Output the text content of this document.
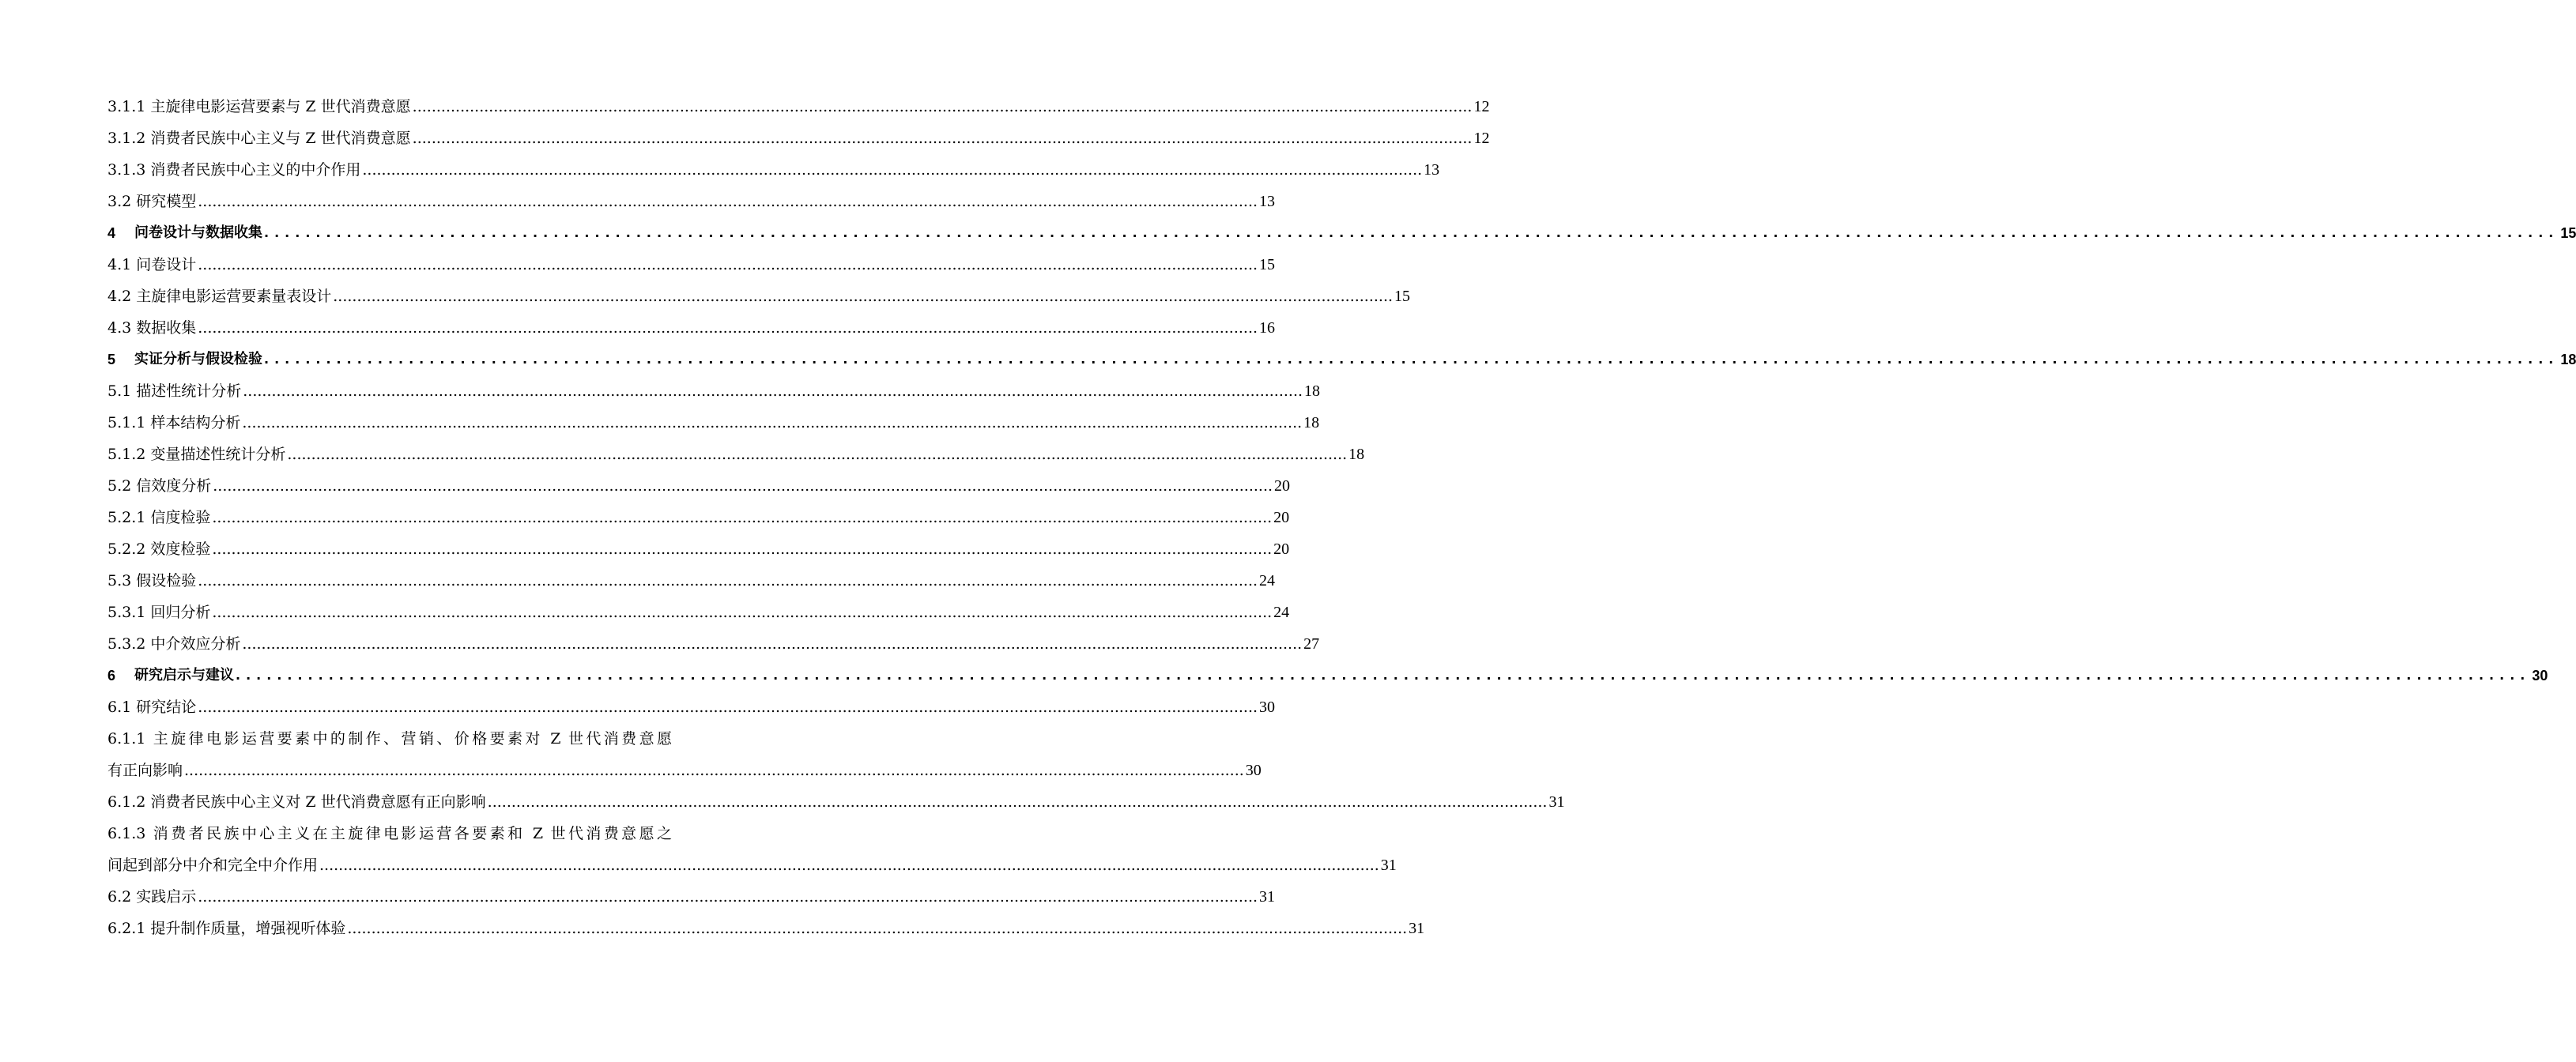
3.1.1 主旋律电影运营要素与 Z 世代消费意愿 .............................................................................................................................................................................................................................. 12
3.1.2 消费者民族中心主义与 Z 世代消费意愿 .............................................................................................................................................................................................................................. 12
3.1.3 消费者民族中心主义的中介作用 .............................................................................................................................................................................................................................. 13
3.2 研究模型 .............................................................................................................................................................................................................................. 13
4	问卷设计与数据收集 .............................................................................................................................................................................................................................. 15
4.1 问卷设计 .............................................................................................................................................................................................................................. 15
4.2 主旋律电影运营要素量表设计 .............................................................................................................................................................................................................................. 15
4.3 数据收集 .............................................................................................................................................................................................................................. 16
5	实证分析与假设检验 .............................................................................................................................................................................................................................. 18
5.1 描述性统计分析 .............................................................................................................................................................................................................................. 18
5.1.1 样本结构分析 .............................................................................................................................................................................................................................. 18
5.1.2 变量描述性统计分析 .............................................................................................................................................................................................................................. 18
5.2 信效度分析 .............................................................................................................................................................................................................................. 20
5.2.1 信度检验 .............................................................................................................................................................................................................................. 20
5.2.2 效度检验 .............................................................................................................................................................................................................................. 20
5.3 假设检验 .............................................................................................................................................................................................................................. 24
5.3.1 回归分析 .............................................................................................................................................................................................................................. 24
5.3.2 中介效应分析 .............................................................................................................................................................................................................................. 27
6	研究启示与建议 .............................................................................................................................................................................................................................. 30
6.1 研究结论 .............................................................................................................................................................................................................................. 30
6.1.1 主旋律电影运营要素中的制作、营销、价格要素对 Z 世代消费意愿
有正向影响 .............................................................................................................................................................................................................................. 30
6.1.2 消费者民族中心主义对 Z 世代消费意愿有正向影响 .............................................................................................................................................................................................................................. 31
6.1.3 消费者民族中心主义在主旋律电影运营各要素和 Z 世代消费意愿之
间起到部分中介和完全中介作用 .............................................................................................................................................................................................................................. 31
6.2 实践启示 .............................................................................................................................................................................................................................. 31
6.2.1 提升制作质量，增强视听体验 .............................................................................................................................................................................................................................. 31
